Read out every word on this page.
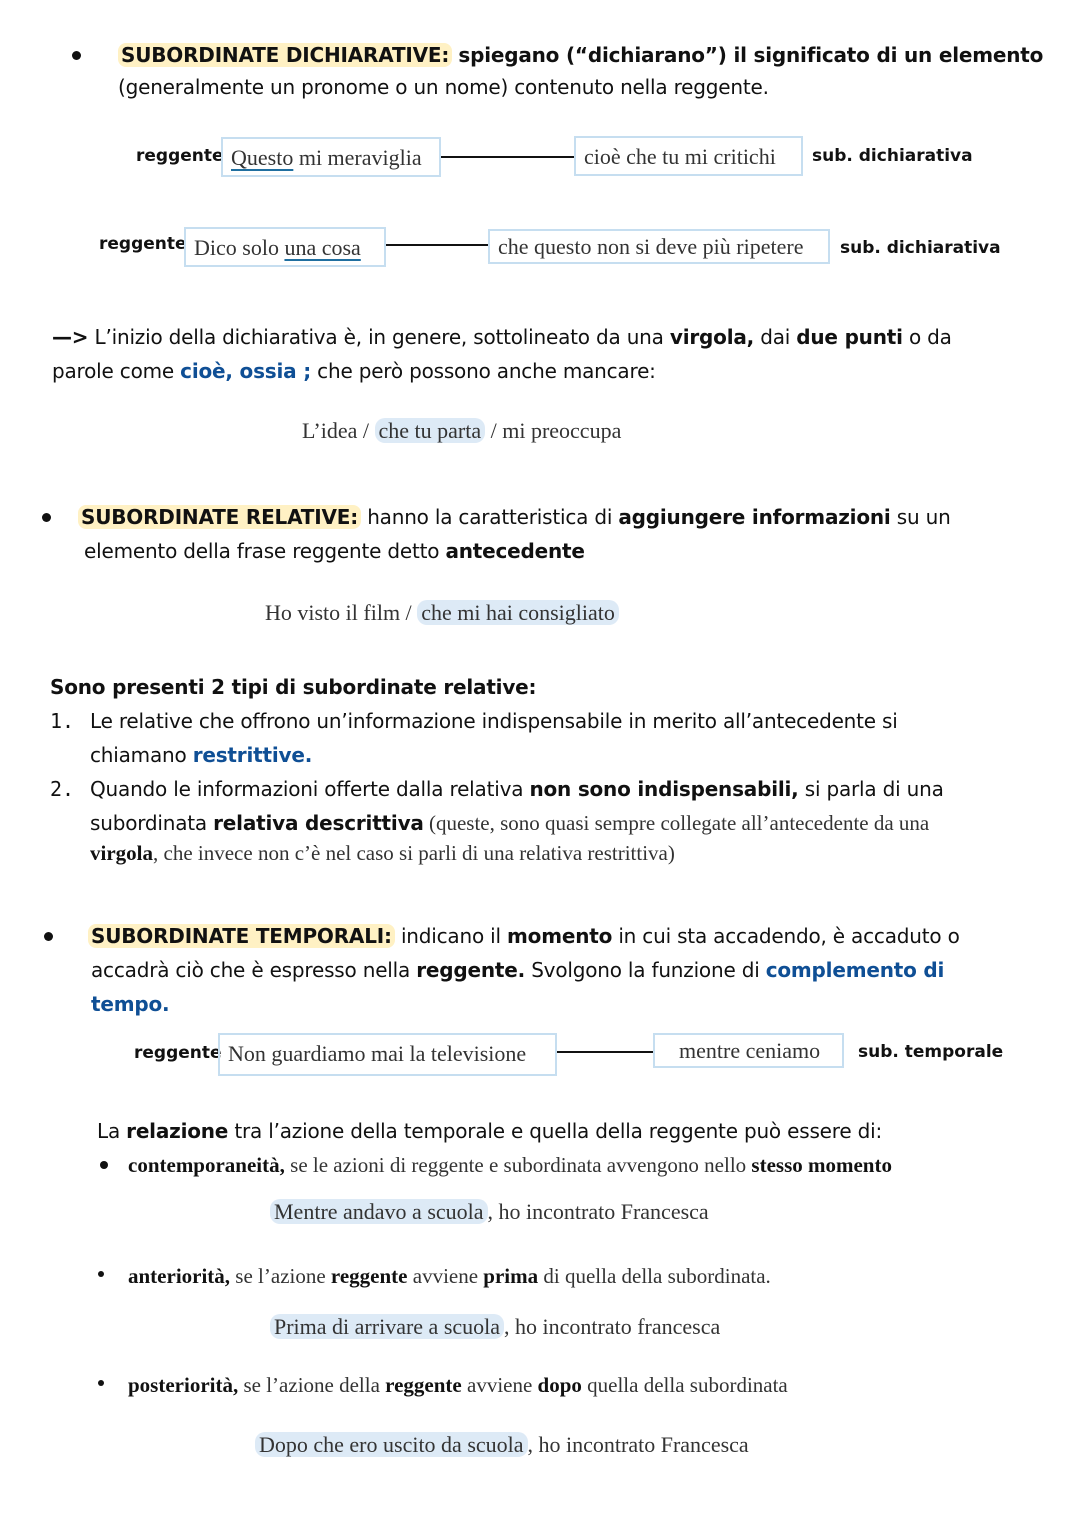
SUBORDINATE DICHIARATIVE: spiegano (“dichiarano”) il significato di un elemento
(generalmente un pronome o un nome) contenuto nella reggente.
reggente Questo mi meraviglia	cioè che tu mi critichi	sub. dichiarativa
reggente Dico solo una cosa	che questo non si deve più ripetere	sub. dichiarativa
—> L’inizio della dichiarativa è, in genere, sottolineato da una virgola, dai due punti o da
parole come cioè, ossia ; che però possono anche mancare:
L’idea / che tu parta / mi preoccupa
SUBORDINATE RELATIVE: hanno la caratteristica di aggiungere informazioni su un
elemento della frase reggente detto antecedente
Ho visto il film / che mi hai consigliato
Sono presenti 2 tipi di subordinate relative:
1. Le relative che offrono un’informazione indispensabile in merito all’antecedente si
chiamano restrittive.
2. Quando le informazioni offerte dalla relativa non sono indispensabili, si parla di una
subordinata relativa descrittiva (queste, sono quasi sempre collegate all’antecedente da una
virgola, che invece non c’è nel caso si parli di una relativa restrittiva)
SUBORDINATE TEMPORALI: indicano il momento in cui sta accadendo, è accaduto o
accadrà ciò che è espresso nella reggente. Svolgono la funzione di complemento di
tempo.
reggente Non guardiamo mai la televisione	mentre ceniamo	sub. temporale
La relazione tra l’azione della temporale e quella della reggente può essere di:
contemporaneità, se le azioni di reggente e subordinata avvengono nello stesso momento
Mentre andavo a scuola , ho incontrato Francesca
anteriorità, se l’azione reggente avviene prima di quella della subordinata.
Prima di arrivare a scuola , ho incontrato francesca
posteriorità, se l’azione della reggente avviene dopo quella della subordinata
Dopo che ero uscito da scuola , ho incontrato Francesca
